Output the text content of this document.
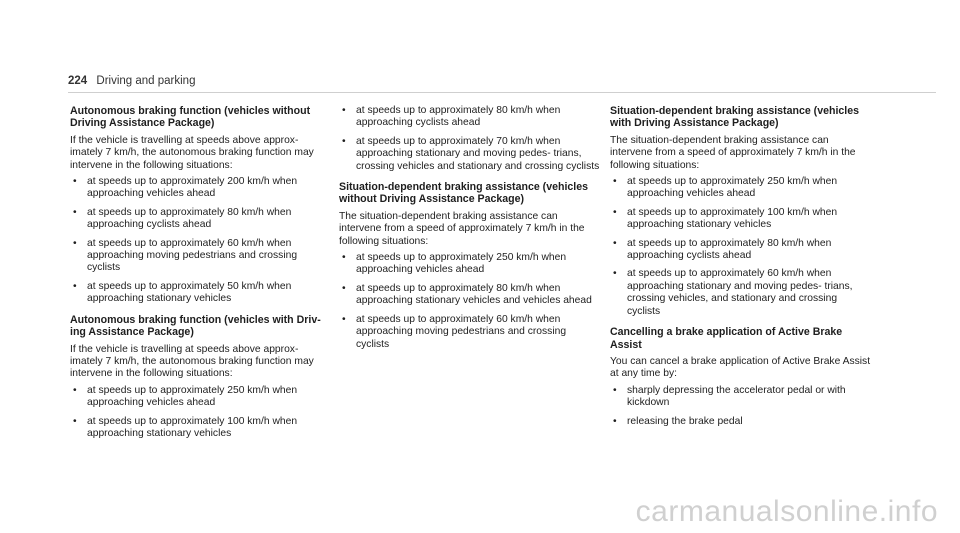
224 Driving and parking
Autonomous braking function (vehicles without Driving Assistance Package)
If the vehicle is travelling at speeds above approx- imately 7 km/h, the autonomous braking function may intervene in the following situations:
• at speeds up to approximately 200 km/h when approaching vehicles ahead
• at speeds up to approximately 80 km/h when approaching cyclists ahead
• at speeds up to approximately 60 km/h when approaching moving pedestrians and crossing cyclists
• at speeds up to approximately 50 km/h when approaching stationary vehicles
Autonomous braking function (vehicles with Driv- ing Assistance Package)
If the vehicle is travelling at speeds above approx- imately 7 km/h, the autonomous braking function may intervene in the following situations:
• at speeds up to approximately 250 km/h when approaching vehicles ahead
• at speeds up to approximately 100 km/h when approaching stationary vehicles
• at speeds up to approximately 80 km/h when approaching cyclists ahead
• at speeds up to approximately 70 km/h when approaching stationary and moving pedes- trians, crossing vehicles and stationary and crossing cyclists
Situation-dependent braking assistance (vehicles without Driving Assistance Package)
The situation-dependent braking assistance can intervene from a speed of approximately 7 km/h in the following situations:
• at speeds up to approximately 250 km/h when approaching vehicles ahead
• at speeds up to approximately 80 km/h when approaching stationary vehicles and vehicles ahead
• at speeds up to approximately 60 km/h when approaching moving pedestrians and crossing cyclists
Situation-dependent braking assistance (vehicles with Driving Assistance Package)
The situation-dependent braking assistance can intervene from a speed of approximately 7 km/h in the following situations:
• at speeds up to approximately 250 km/h when approaching vehicles ahead
• at speeds up to approximately 100 km/h when approaching stationary vehicles
• at speeds up to approximately 80 km/h when approaching cyclists ahead
• at speeds up to approximately 60 km/h when approaching stationary and moving pedes- trians, crossing vehicles, and stationary and crossing cyclists
Cancelling a brake application of Active Brake Assist
You can cancel a brake application of Active Brake Assist at any time by:
• sharply depressing the accelerator pedal or with kickdown
• releasing the brake pedal
carmanualsonline.info
